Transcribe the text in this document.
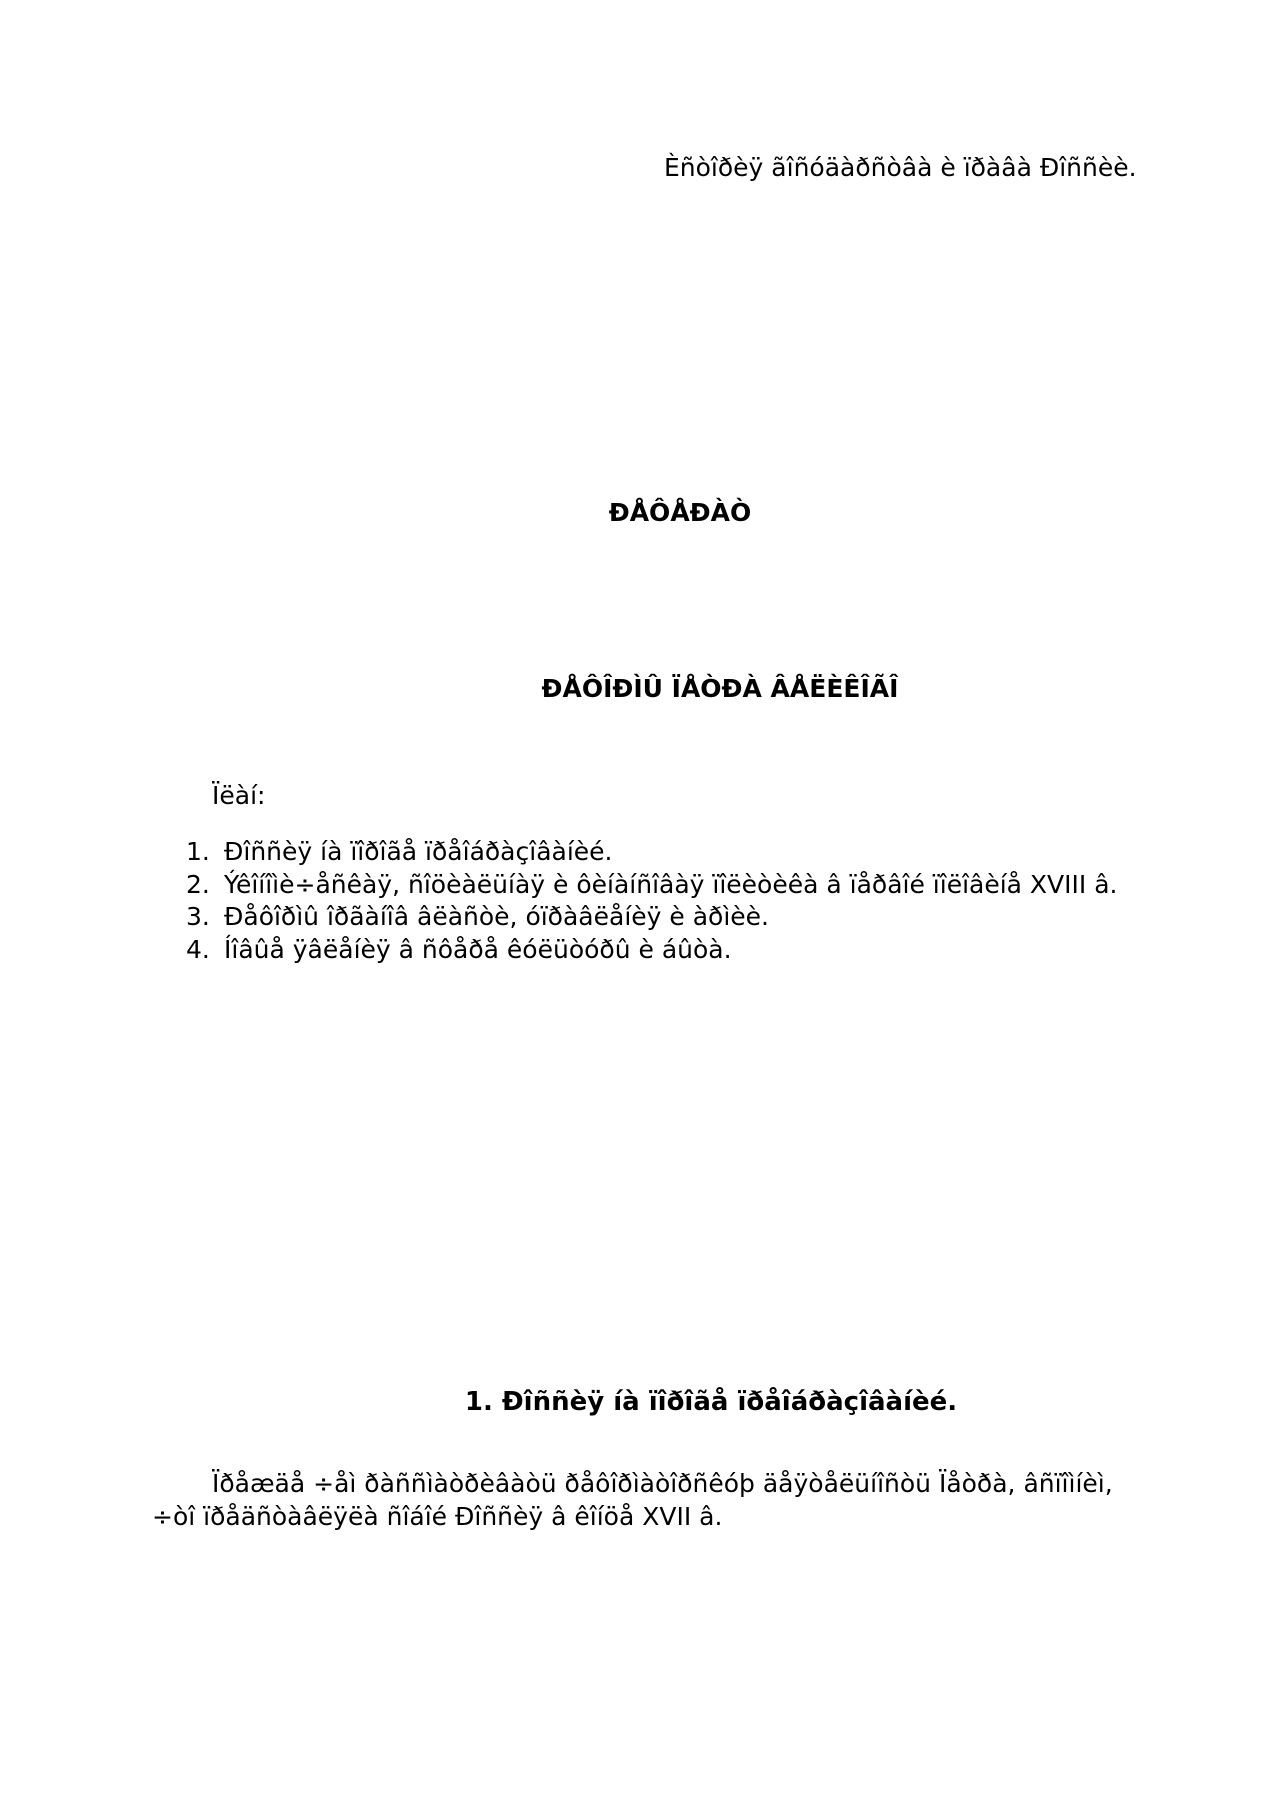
Èñòîðèÿ ãîñóäàðñòâà è ïðàâà Ðîññèè.
ÐÅÔÅÐÀÒ
ÐÅÔÎÐÌÛ ÏÅÒÐÀ ÂÅËÈÊÎÃÎ
Ïëàí:
1. Ðîññèÿ íà ïîðîãå ïðåîáðàçîâàíèé.
2. Ýêîíîìè÷åñêàÿ, ñîöèàëüíàÿ è ôèíàíñîâàÿ ïîëèòèêà â ïåðâîé ïîëîâèíå XVIII â.
3. Ðåôîðìû îðãàíîâ âëàñòè, óïðàâëåíèÿ è àðìèè.
4. Íîâûå ÿâëåíèÿ â ñôåðå êóëüòóðû è áûòà.
1. Ðîññèÿ íà ïîðîãå ïðåîáðàçîâàíèé.

Ïðåæäå ÷åì ðàññìàòðèâàòü ðåôîðìàòîðñêóþ äåÿòåëüíîñòü Ïåòðà, âñïîìíèì, ÷òî ïðåäñòàâëÿëà ñîáîé Ðîññèÿ â êîíöå XVII â.
